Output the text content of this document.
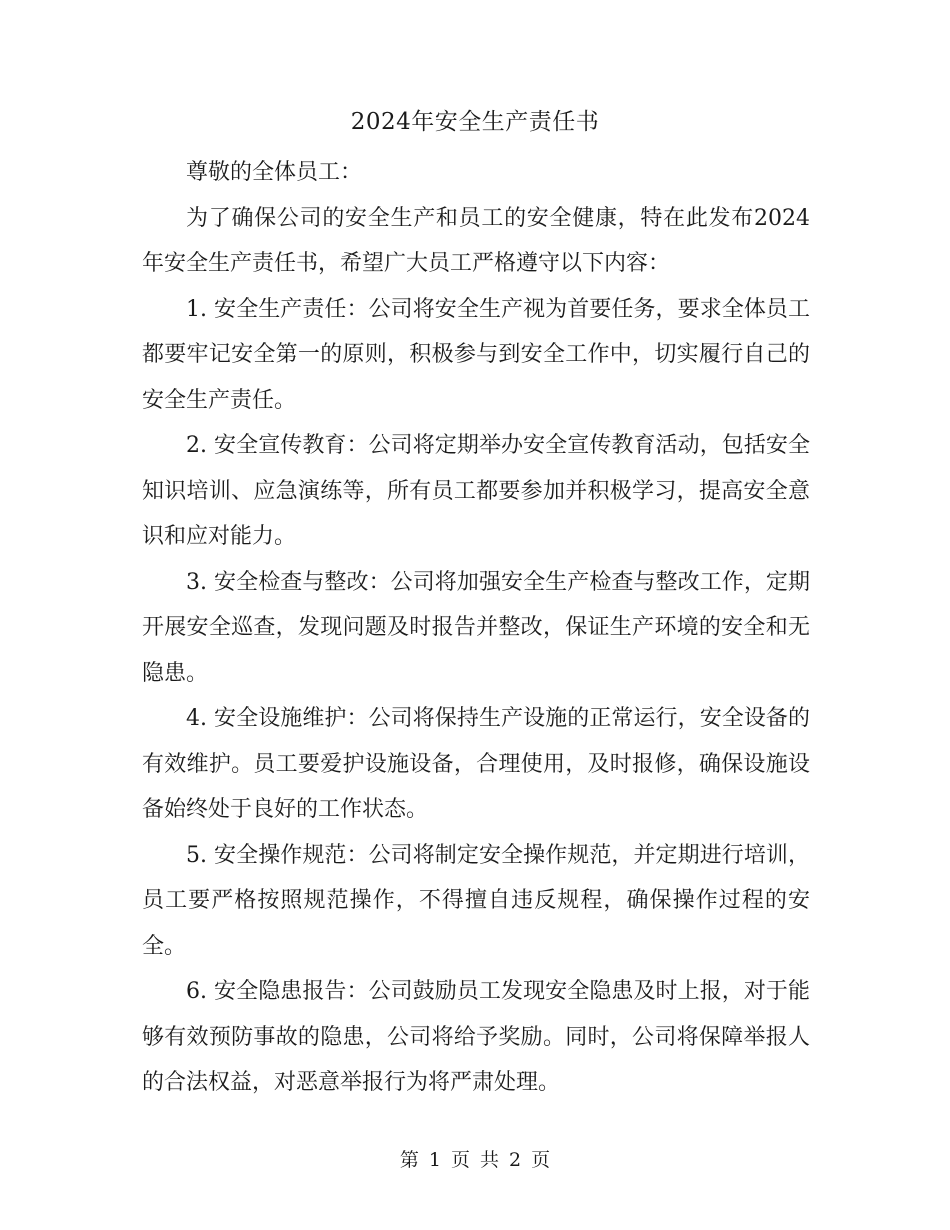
2024年安全生产责任书

尊敬的全体员工：

为了确保公司的安全生产和员工的安全健康，特在此发布2024年安全生产责任书，希望广大员工严格遵守以下内容：

1. 安全生产责任：公司将安全生产视为首要任务，要求全体员工都要牢记安全第一的原则，积极参与到安全工作中，切实履行自己的安全生产责任。

2. 安全宣传教育：公司将定期举办安全宣传教育活动，包括安全知识培训、应急演练等，所有员工都要参加并积极学习，提高安全意识和应对能力。

3. 安全检查与整改：公司将加强安全生产检查与整改工作，定期开展安全巡查，发现问题及时报告并整改，保证生产环境的安全和无隐患。

4. 安全设施维护：公司将保持生产设施的正常运行，安全设备的有效维护。员工要爱护设施设备，合理使用，及时报修，确保设施设备始终处于良好的工作状态。

5. 安全操作规范：公司将制定安全操作规范，并定期进行培训，员工要严格按照规范操作，不得擅自违反规程，确保操作过程的安全。

6. 安全隐患报告：公司鼓励员工发现安全隐患及时上报，对于能够有效预防事故的隐患，公司将给予奖励。同时，公司将保障举报人的合法权益，对恶意举报行为将严肃处理。

第 1 页 共 2 页
